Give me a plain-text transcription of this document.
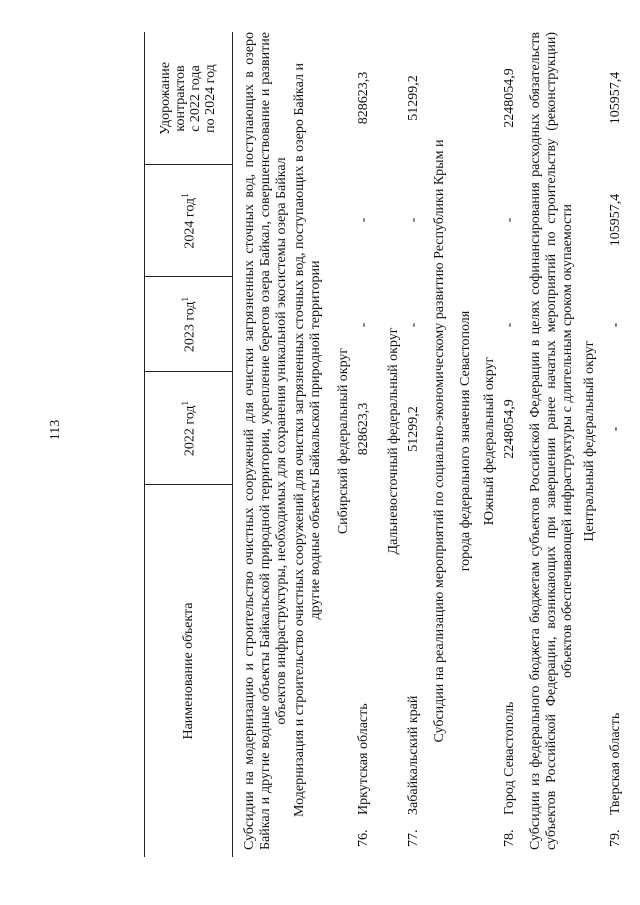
113
Наименование объекта
2022 год$^1$
2023 год$^1$
2024 год$^1$
Удорожание контрактов с 2022 года по 2024 год Субсидии на модернизацию и строительство очистных сооружений для очистки загрязненных сточных вод, поступающих в озеро Байкал и другие водные объекты Байкальской природной территории, укрепление берегов озера Байкал, совершенствование и развитие объектов инфраструктуры, необходимых для сохранения уникальной экосистемы озера Байкал Модернизация и строительство очистных сооружений для очистки загрязненных сточных вод, поступающих в озеро Байкал и другие водные объекты Байкальской природной территории Сибирский федеральный округ
76.
Иркутская область
828623,3
-
-
828623,3
Дальневосточный федеральный округ
77.
Забайкальский край
51299,2
-
-
51299,2
Субсидии на реализацию мероприятий по социально-экономическому развитию Республики Крым и города федерального значения Севастополя Южный федеральный округ
78.
Город Севастополь
2248054,9
-
-
2248054,9 Субсидии из федерального бюджета бюджетам субъектов Российской Федерации в целях софинансирования расходных обязательств субъектов Российской Федерации, возникающих при завершении ранее начатых мероприятий по строительству (реконструкции) объектов обеспечивающей инфраструктуры с длительным сроком окупаемости Центральный федеральный округ
79.
Тверская область
-
-
105957,4
105957,4
